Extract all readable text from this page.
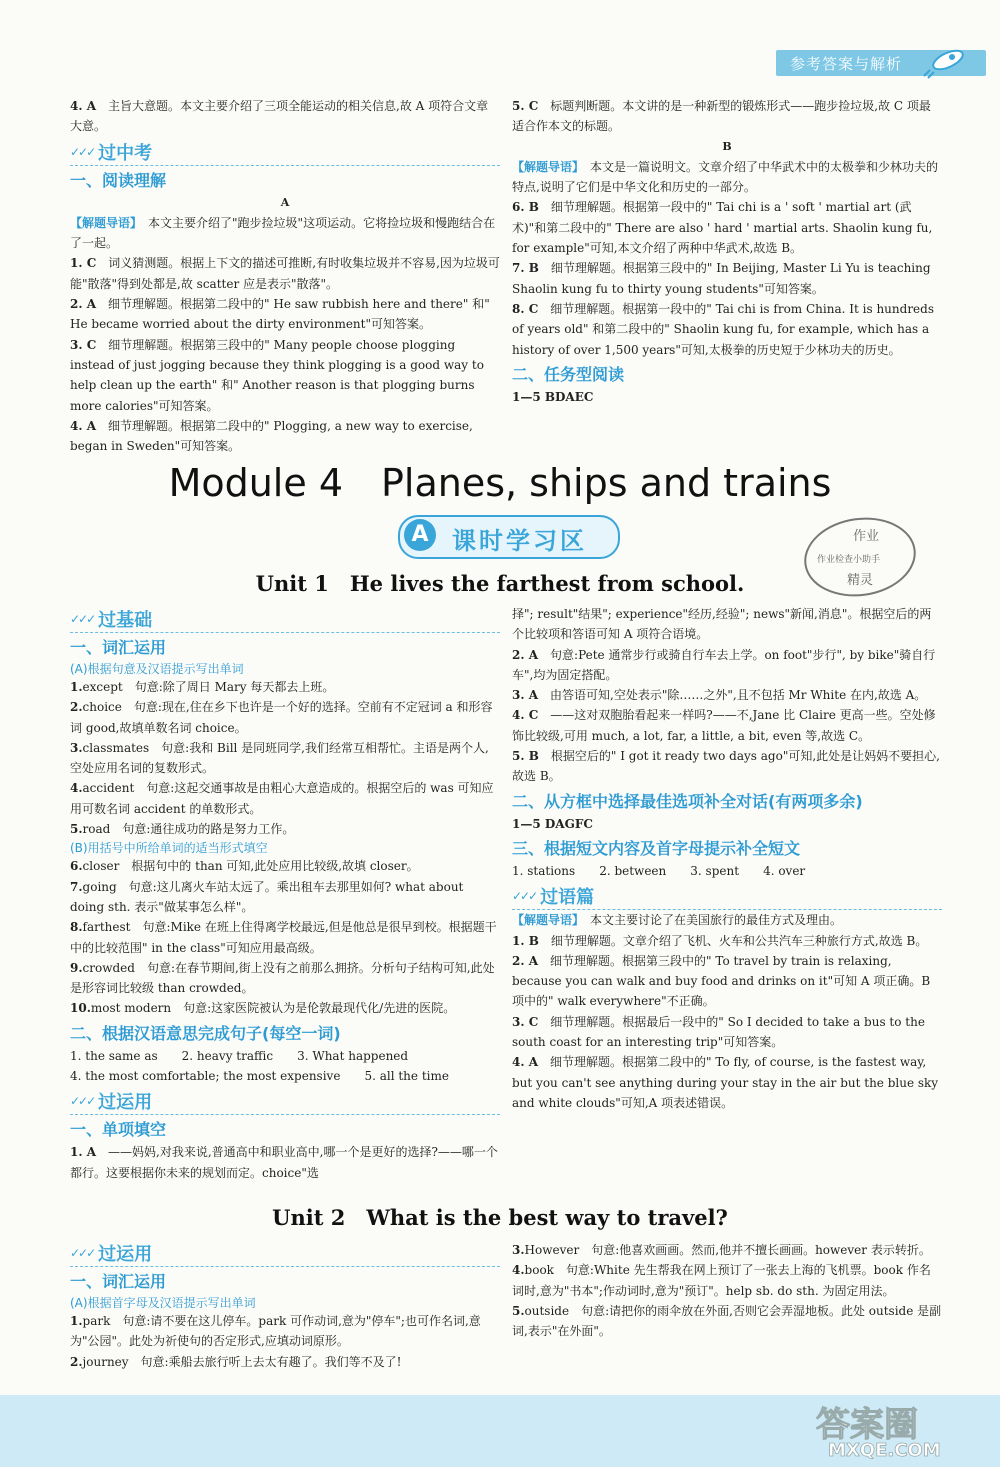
参考答案与解析

4. A　 主旨大意题。本文主要介绍了三项全能运动的相关信息,故 A 项符合文章大意。

✓✓✓ 过中考
一、阅读理解
A

【解题导语】　 本文主要介绍了"跑步捡垃圾"这项运动。它将捡垃圾和慢跑结合在了一起。

1. C　 词义猜测题。根据上下文的描述可推断,有时收集垃圾并不容易,因为垃圾可能"散落"得到处都是,故 scatter 应是表示"散落"。

2. A　 细节理解题。根据第二段中的" He saw rubbish here and there" 和" He became worried about the dirty environment"可知答案。

3. C　 细节理解题。根据第三段中的" Many people choose plogging instead of just jogging because they think plogging is a good way to help clean up the earth" 和" Another reason is that plogging burns more calories"可知答案。

4. A　 细节理解题。根据第二段中的" Plogging, a new way to exercise, began in Sweden"可知答案。

5. C　 标题判断题。本文讲的是一种新型的锻炼形式——跑步捡垃圾,故 C 项最适合作本文的标题。

B

【解题导语】　 本文是一篇说明文。文章介绍了中华武术中的太极拳和少林功夫的特点,说明了它们是中华文化和历史的一部分。

6. B　 细节理解题。根据第一段中的" Tai chi is a ' soft ' martial art (武术)"和第二段中的" There are also ' hard ' martial arts. Shaolin kung fu, for example"可知,本文介绍了两种中华武术,故选 B。

7. B　 细节理解题。根据第三段中的" In Beijing, Master Li Yu is teaching Shaolin kung fu to thirty young students"可知答案。

8. C　 细节理解题。根据第一段中的" Tai chi is from China. It is hundreds of years old" 和第二段中的" Shaolin kung fu, for example, which has a history of over 1,500 years"可知,太极拳的历史短于少林功夫的历史。

二、任务型阅读

1—5 BDAEC

Module 4　Planes, ships and trains
A 课时学习区	作业
作业检查小助手
精灵
Unit 1　He lives the farthest from school.
✓✓✓ 过基础
一、词汇运用
(A)根据句意及汉语提示写出单词

1.except　句意:除了周日 Mary 每天都去上班。

2.choice　句意:现在,住在乡下也许是一个好的选择。空前有不定冠词 a 和形容词 good,故填单数名词 choice。

3.classmates　句意:我和 Bill 是同班同学,我们经常互相帮忙。主语是两个人,空处应用名词的复数形式。

4.accident　句意:这起交通事故是由粗心大意造成的。根据空后的 was 可知应用可数名词 accident 的单数形式。

5.road　句意:通往成功的路是努力工作。

(B)用括号中所给单词的适当形式填空

6.closer　根据句中的 than 可知,此处应用比较级,故填 closer。

7.going　句意:这儿离火车站太远了。乘出租车去那里如何? what about doing sth. 表示"做某事怎么样"。

8.farthest　句意:Mike 在班上住得离学校最远,但是他总是很早到校。根据题干中的比较范围" in the class"可知应用最高级。

9.crowded　句意:在春节期间,街上没有之前那么拥挤。分析句子结构可知,此处是形容词比较级 than crowded。

10.most modern　句意:这家医院被认为是伦敦最现代化/先进的医院。

二、根据汉语意思完成句子(每空一词)

1. the same as　　 2. heavy traffic　　 3. What happened

4. the most comfortable; the most expensive　　 5. all the time

✓✓✓ 过运用
一、单项填空

1. A　 ——妈妈,对我来说,普通高中和职业高中,哪一个是更好的选择?——哪一个都行。这要根据你未来的规划而定。choice"选

择"; result"结果"; experience"经历,经验"; news"新闻,消息"。根据空后的两个比较项和答语可知 A 项符合语境。

2. A　 句意:Pete 通常步行或骑自行车去上学。on foot"步行", by bike"骑自行车",均为固定搭配。

3. A　 由答语可知,空处表示"除……之外",且不包括 Mr White 在内,故选 A。

4. C　 ——这对双胞胎看起来一样吗?——不,Jane 比 Claire 更高一些。空处修饰比较级,可用 much, a lot, far, a little, a bit, even 等,故选 C。

5. B　 根据空后的" I got it ready two days ago"可知,此处是让妈妈不要担心,故选 B。

二、从方框中选择最佳选项补全对话(有两项多余)

1—5 DAGFC

三、根据短文内容及首字母提示补全短文

1. stations　　 2. between　　 3. spent　　 4. over

✓✓✓ 过语篇

【解题导语】　 本文主要讨论了在美国旅行的最佳方式及理由。

1. B　 细节理解题。文章介绍了飞机、火车和公共汽车三种旅行方式,故选 B。

2. A　 细节理解题。根据第三段中的" To travel by train is relaxing, because you can walk and buy food and drinks on it"可知 A 项正确。B 项中的" walk everywhere"不正确。

3. C　 细节理解题。根据最后一段中的" So I decided to take a bus to the south coast for an interesting trip"可知答案。

4. A　 细节理解题。根据第二段中的" To fly, of course, is the fastest way, but you can't see anything during your stay in the air but the blue sky and white clouds"可知,A 项表述错误。

Unit 2　What is the best way to travel?
✓✓✓ 过运用
一、词汇运用
(A)根据首字母及汉语提示写出单词

1.park　句意:请不要在这儿停车。park 可作动词,意为"停车";也可作名词,意为"公园"。此处为祈使句的否定形式,应填动词原形。

2.journey　句意:乘船去旅行听上去太有趣了。我们等不及了!

3.However　句意:他喜欢画画。然而,他并不擅长画画。however 表示转折。

4.book　句意:White 先生帮我在网上预订了一张去上海的飞机票。book 作名词时,意为"书本";作动词时,意为"预订"。help sb. do sth. 为固定用法。

5.outside　句意:请把你的雨伞放在外面,否则它会弄湿地板。此处 outside 是副词,表示"在外面"。

答案圈
MXQE.COM
